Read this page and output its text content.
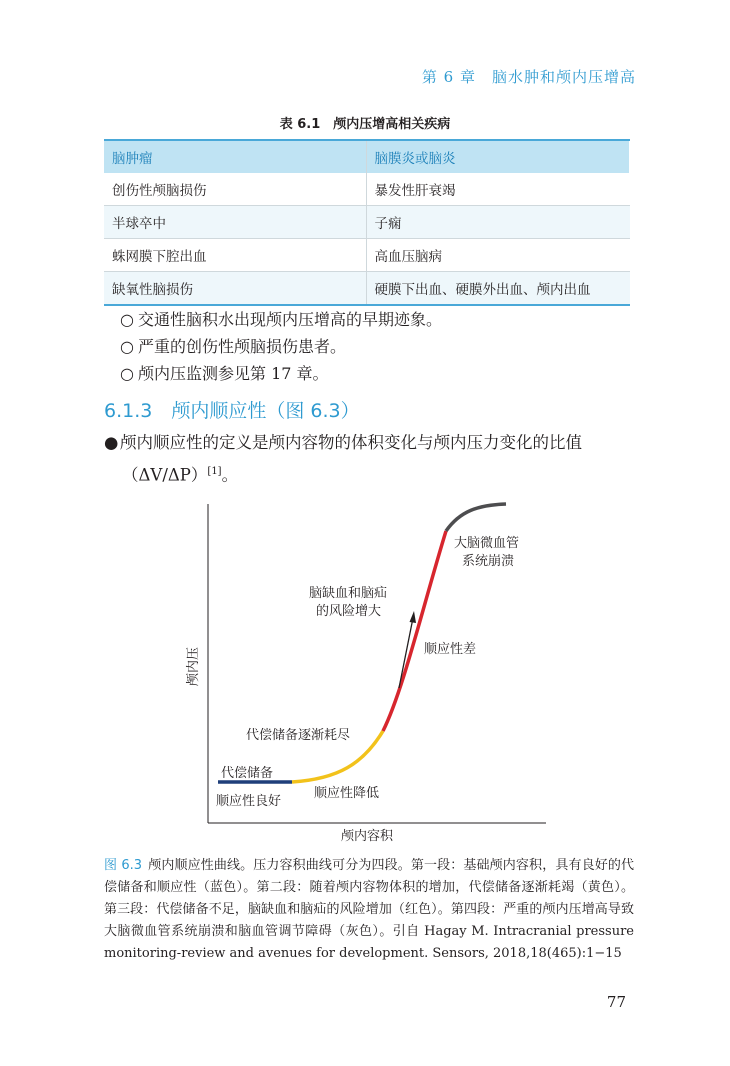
第 6 章　脑水肿和颅内压增高
表 6.1　颅内压增高相关疾病
脑肿瘤	脑膜炎或脑炎
创伤性颅脑损伤	暴发性肝衰竭
半球卒中	子痫
蛛网膜下腔出血	高血压脑病
缺氧性脑损伤	硬膜下出血、硬膜外出血、颅内出血
○ 交通性脑积水出现颅内压增高的早期迹象。
○ 严重的创伤性颅脑损伤患者。
○ 颅内压监测参见第 17 章。
6.1.3　颅内顺应性（图 6.3）
●颅内顺应性的定义是颅内容物的体积变化与颅内压力变化的比值
（ΔV/ΔP）[1]。
大脑微血管
系统崩溃
脑缺血和脑疝
的风险增大
顺应性差
代偿储备逐渐耗尽
代偿储备
顺应性良好
顺应性降低
颅内压
颅内容积
图 6.3 颅内顺应性曲线。压力容积曲线可分为四段。第一段：基础颅内容积，具有良好的代偿储备和顺应性（蓝色）。第二段：随着颅内容物体积的增加，代偿储备逐渐耗竭（黄色）。第三段：代偿储备不足，脑缺血和脑疝的风险增加（红色）。第四段：严重的颅内压增高导致大脑微血管系统崩溃和脑血管调节障碍（灰色）。引自 Hagay M. Intracranial pressure monitoring-review and avenues for development. Sensors, 2018,18(465):1−15
77
